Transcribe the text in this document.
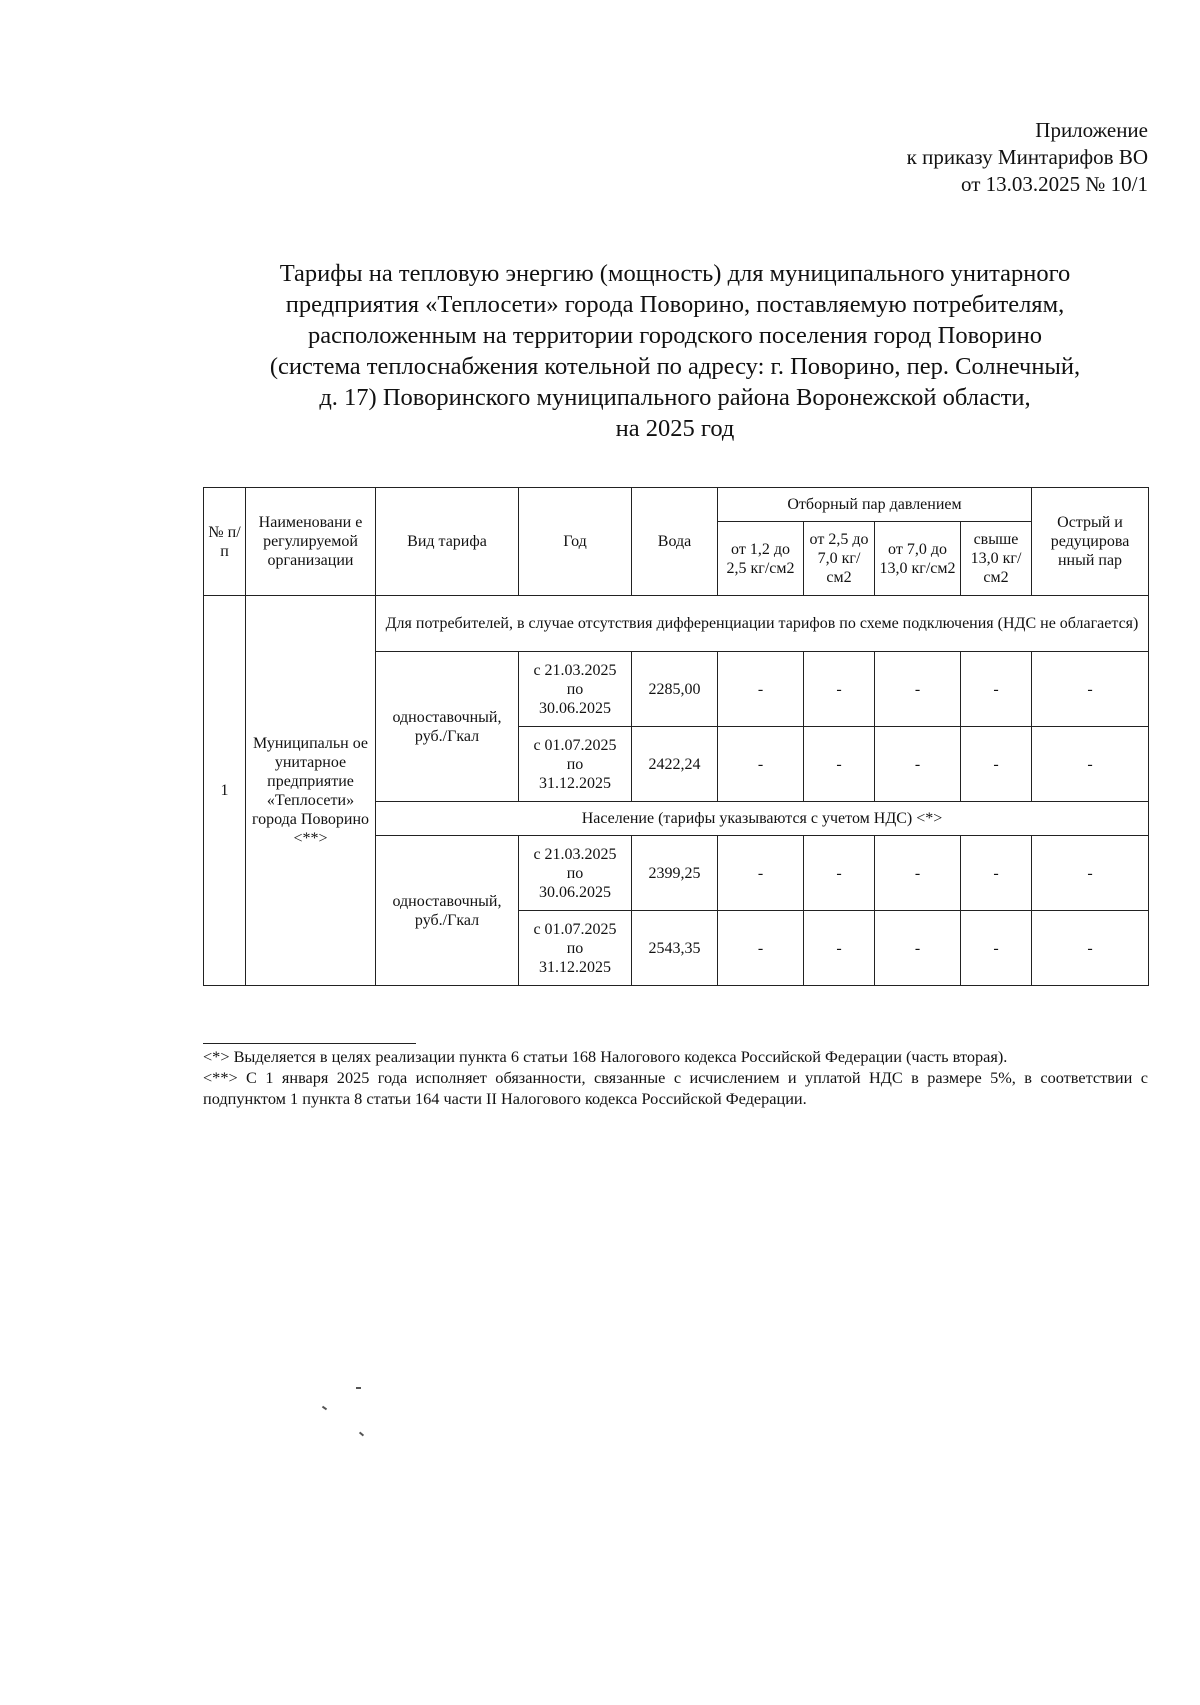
Приложение
к приказу Минтарифов ВО
от 13.03.2025 № 10/1
Тарифы на тепловую энергию (мощность) для муниципального унитарного
предприятия «Теплосети» города Поворино, поставляемую потребителям,
расположенным на территории городского поселения город Поворино
(система теплоснабжения котельной по адресу: г. Поворино, пер. Солнечный,
д. 17) Поворинского муниципального района Воронежской области,
на 2025 год
№ п/п	Наименовани е регулируемой организации	Вид тарифа	Год	Вода	Отборный пар давлением				Острый и редуцирова нный пар
					от 1,2 до 2,5 кг/см2	от 2,5 до 7,0 кг/см2	от 7,0 до 13,0 кг/см2	свыше 13,0 кг/см2	
1	Муниципальн ое унитарное предприятие «Теплосети» города Поворино <**>	Для потребителей, в случае отсутствия дифференциации тарифов по схеме подключения (НДС не облагается)							
		одноставочный, руб./Гкал	с 21.03.2025
по
30.06.2025	2285,00	-	-	-	-	-

			с 01.07.2025
по
31.12.2025	2422,24	-	-	-	-	-
		Население (тарифы указываются с учетом НДС) <*>							
		одноставочный, руб./Гкал	с 21.03.2025
по
30.06.2025	2399,25	-	-	-	-	-

			с 01.07.2025
по
31.12.2025	2543,35	-	-	-	-	-

<*> Выделяется в целях реализации пункта 6 статьи 168 Налогового кодекса Российской Федерации (часть вторая).

<**> С 1 января 2025 года исполняет обязанности, связанные с исчислением и уплатой НДС в размере 5%, в соответствии с подпунктом 1 пункта 8 статьи 164 части II Налогового кодекса Российской Федерации.
